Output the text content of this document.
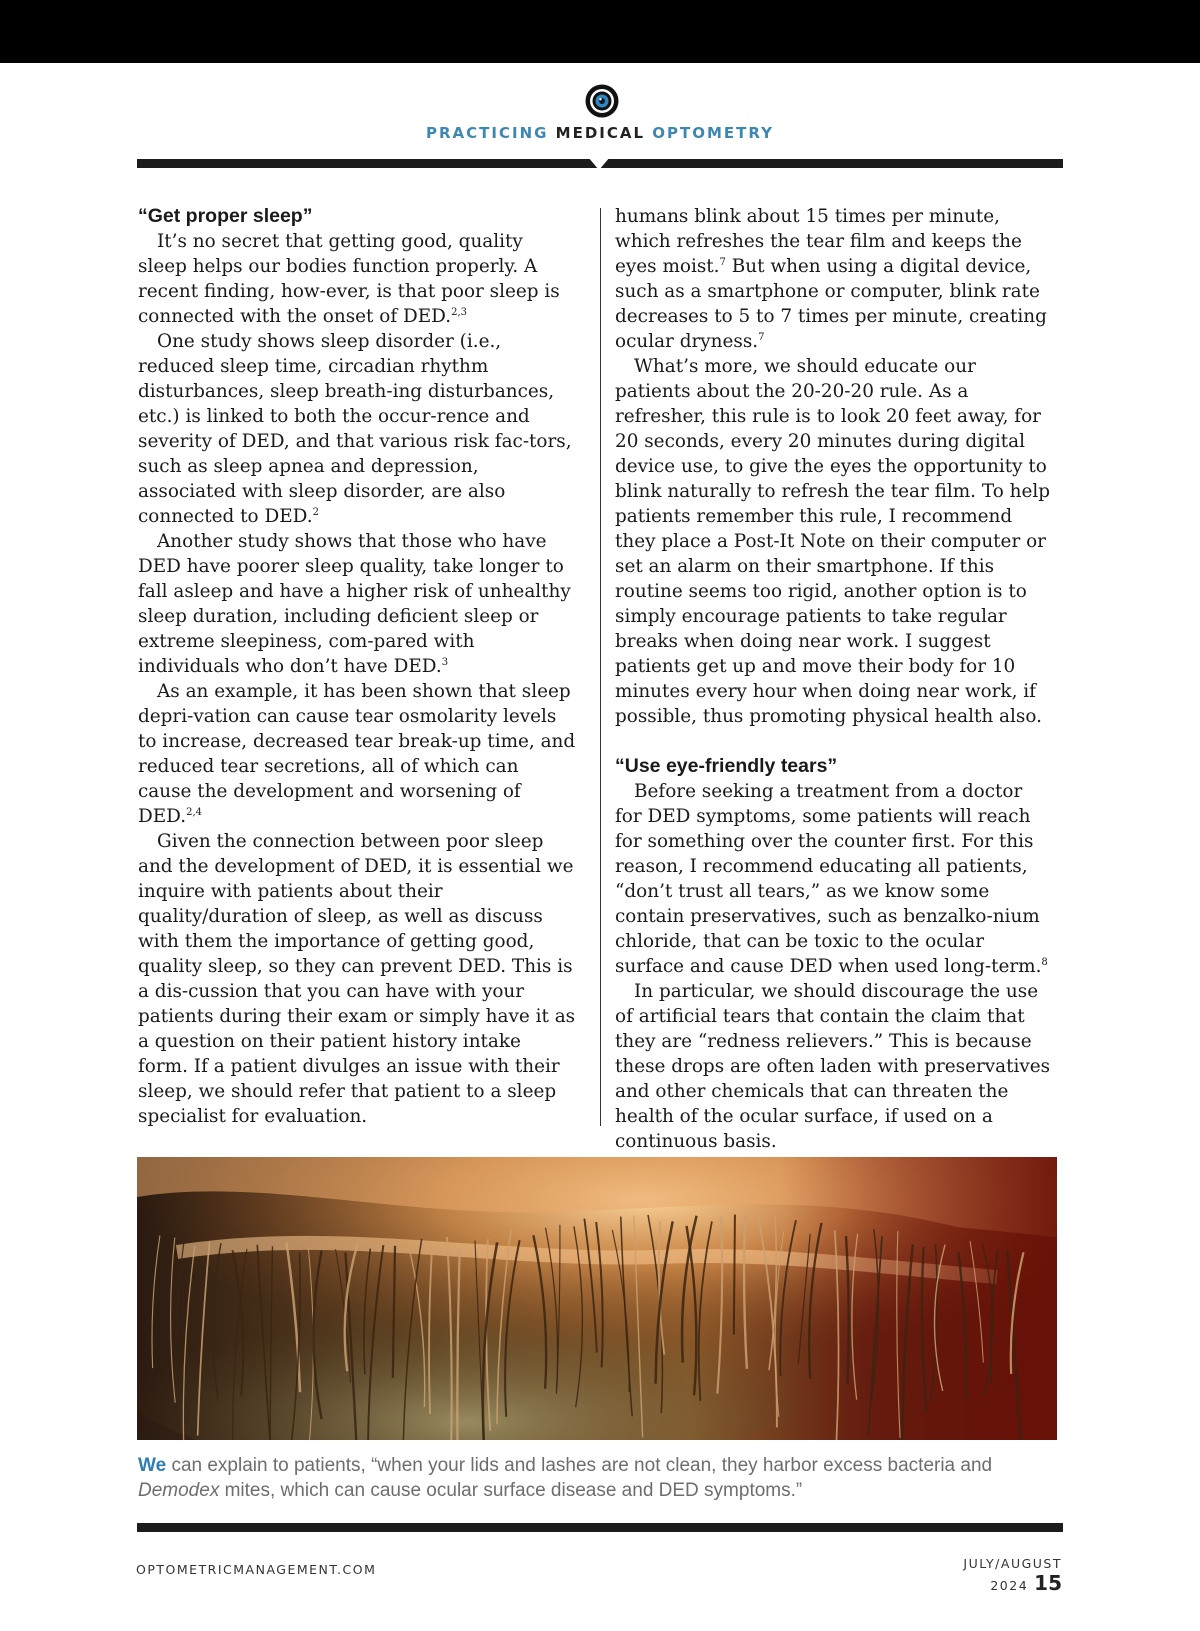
PRACTICING MEDICAL OPTOMETRY
“Get proper sleep”

It’s no secret that getting good, quality sleep helps our bodies function properly. A recent finding, how-ever, is that poor sleep is connected with the onset of DED.$^{2,3}$

One study shows sleep disorder (i.e., reduced sleep time, circadian rhythm disturbances, sleep breath-ing disturbances, etc.) is linked to both the occur-rence and severity of DED, and that various risk fac-tors, such as sleep apnea and depression, associated with sleep disorder, are also connected to DED.$^2$

Another study shows that those who have DED have poorer sleep quality, take longer to fall asleep and have a higher risk of unhealthy sleep duration, including deficient sleep or extreme sleepiness, com-pared with individuals who don’t have DED.$^3$

As an example, it has been shown that sleep depri-vation can cause tear osmolarity levels to increase, decreased tear break-up time, and reduced tear secretions, all of which can cause the development and worsening of DED.$^{2,4}$

Given the connection between poor sleep and the development of DED, it is essential we inquire with patients about their quality/duration of sleep, as well as discuss with them the importance of getting good, quality sleep, so they can prevent DED. This is a dis-cussion that you can have with your patients during their exam or simply have it as a question on their patient history intake form. If a patient divulges an issue with their sleep, we should refer that patient to a sleep specialist for evaluation.

humans blink about 15 times per minute, which refreshes the tear film and keeps the eyes moist.$^7$ But when using a digital device, such as a smartphone or computer, blink rate decreases to 5 to 7 times per minute, creating ocular dryness.$^7$

What’s more, we should educate our patients about the 20-20-20 rule. As a refresher, this rule is to look 20 feet away, for 20 seconds, every 20 minutes during digital device use, to give the eyes the opportunity to blink naturally to refresh the tear film. To help patients remember this rule, I recommend they place a Post-It Note on their computer or set an alarm on their smartphone. If this routine seems too rigid, another option is to simply encourage patients to take regular breaks when doing near work. I suggest patients get up and move their body for 10 minutes every hour when doing near work, if possible, thus promoting physical health also.

“Use eye-friendly tears”

Before seeking a treatment from a doctor for DED symptoms, some patients will reach for something over the counter first. For this reason, I recommend educating all patients, “don’t trust all tears,” as we know some contain preservatives, such as benzalko-nium chloride, that can be toxic to the ocular surface and cause DED when used long-term.$^8$

In particular, we should discourage the use of artificial tears that contain the claim that they are “redness relievers.” This is because these drops are often laden with preservatives and other chemicals that can threaten the health of the ocular surface, if used on a continuous basis.

We can explain to patients, “when your lids and lashes are not clean, they harbor excess bacteria and Demodex mites, which can cause ocular surface disease and DED symptoms.”
OPTOMETRICMANAGEMENT.COM	JULY/AUGUST 2024 15
